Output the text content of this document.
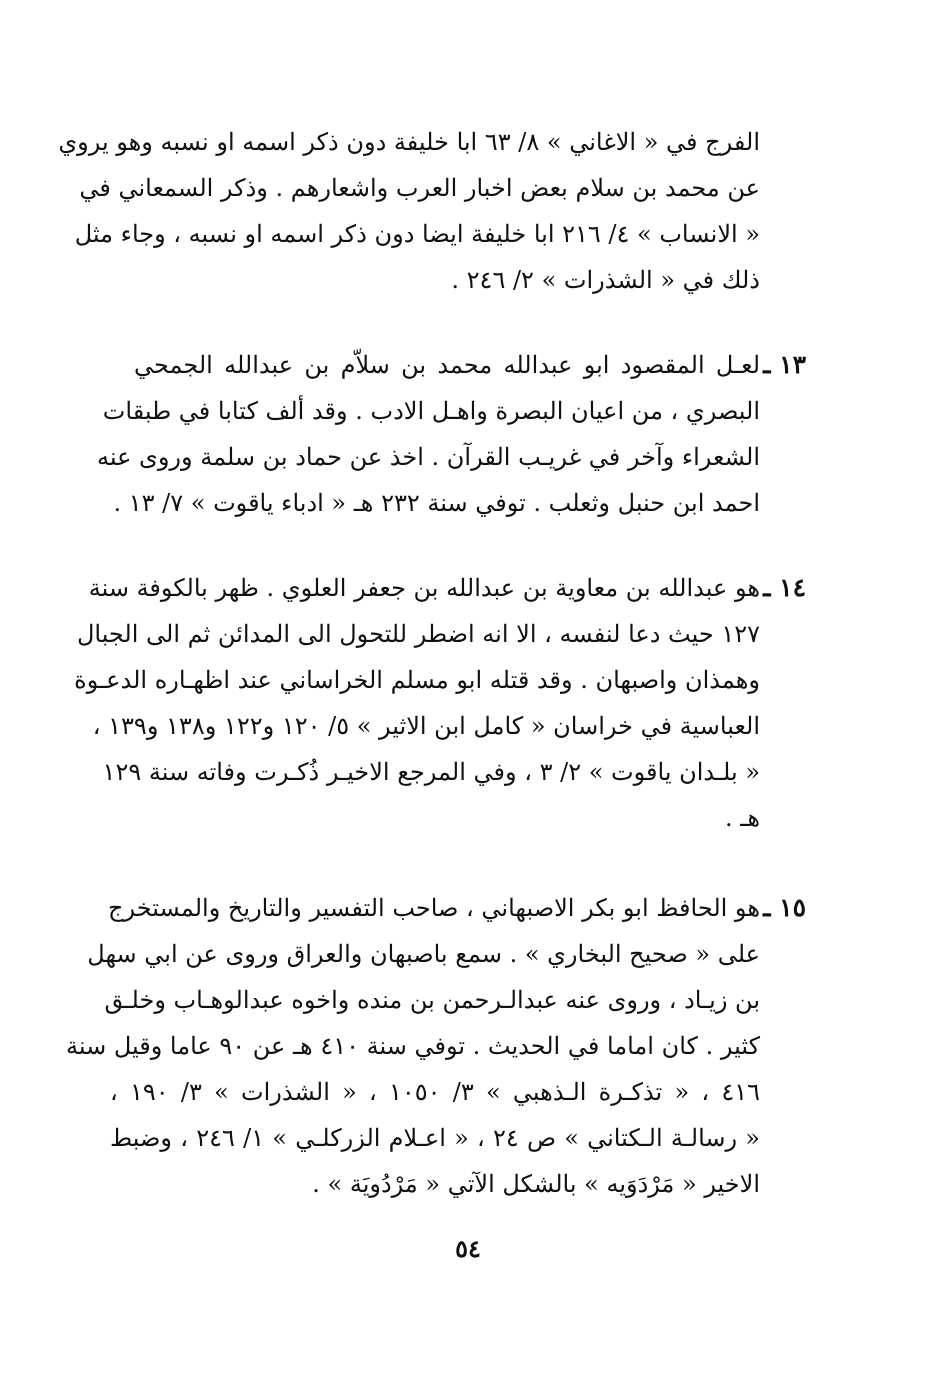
الفرج في « الاغاني » ٨/ ٦٣ ابا خليفة دون ذكر اسمه او نسبه وهو يروي
عن محمد بن سلام بعض اخبار العرب واشعارهم . وذكر السمعاني في
« الانساب » ٤/ ٢١٦ ابا خليفة ايضا دون ذكر اسمه او نسبه ، وجاء مثل
ذلك في « الشذرات » ٢/ ٢٤٦ .
١٣ ـ
لعـل المقصود ابو عبدالله محمد بن سلاّم بن عبدالله الجمحي
البصري ، من اعيان البصرة واهـل الادب . وقد ألف كتابا في طبقات
الشعراء وآخر في غريـب القرآن . اخذ عن حماد بن سلمة وروى عنه
احمد ابن حنبل وثعلب . توفي سنة ٢٣٢ هـ « ادباء ياقوت » ٧/ ١٣ .
١٤ ـ
هو عبدالله بن معاوية بن عبدالله بن جعفر العلوي . ظهر بالكوفة سنة
١٢٧ حيث دعا لنفسه ، الا انه اضطر للتحول الى المدائن ثم الى الجبال
وهمذان واصبهان . وقد قتله ابو مسلم الخراساني عند اظهـاره الدعـوة
العباسية في خراسان « كامل ابن الاثير » ٥/ ١٢٠ و١٢٢ و١٣٨ و١٣٩ ،
« بلـدان ياقوت » ٢/ ٣ ، وفي المرجع الاخيـر ذُكـرت وفاته سنة ١٢٩
هـ .
١٥ ـ
هو الحافظ ابو بكر الاصبهاني ، صاحب التفسير والتاريخ والمستخرج
على « صحيح البخاري » . سمع باصبهان والعراق وروى عن ابي سهل
بن زيـاد ، وروى عنه عبدالـرحمن بن منده واخوه عبدالوهـاب وخلـق
كثير . كان اماما في الحديث . توفي سنة ٤١٠ هـ عن ٩٠ عاما وقيل سنة
٤١٦ ، « تذكـرة الـذهبي » ٣/ ١٠٥٠ ، « الشذرات » ٣/ ١٩٠ ،
« رسالـة الـكتاني » ص ٢٤ ، « اعـلام الزركلـي » ١/ ٢٤٦ ، وضبط
الاخير « مَرْدَوَيه » بالشكل الآتي « مَرْدُويَة » .
٥٤
